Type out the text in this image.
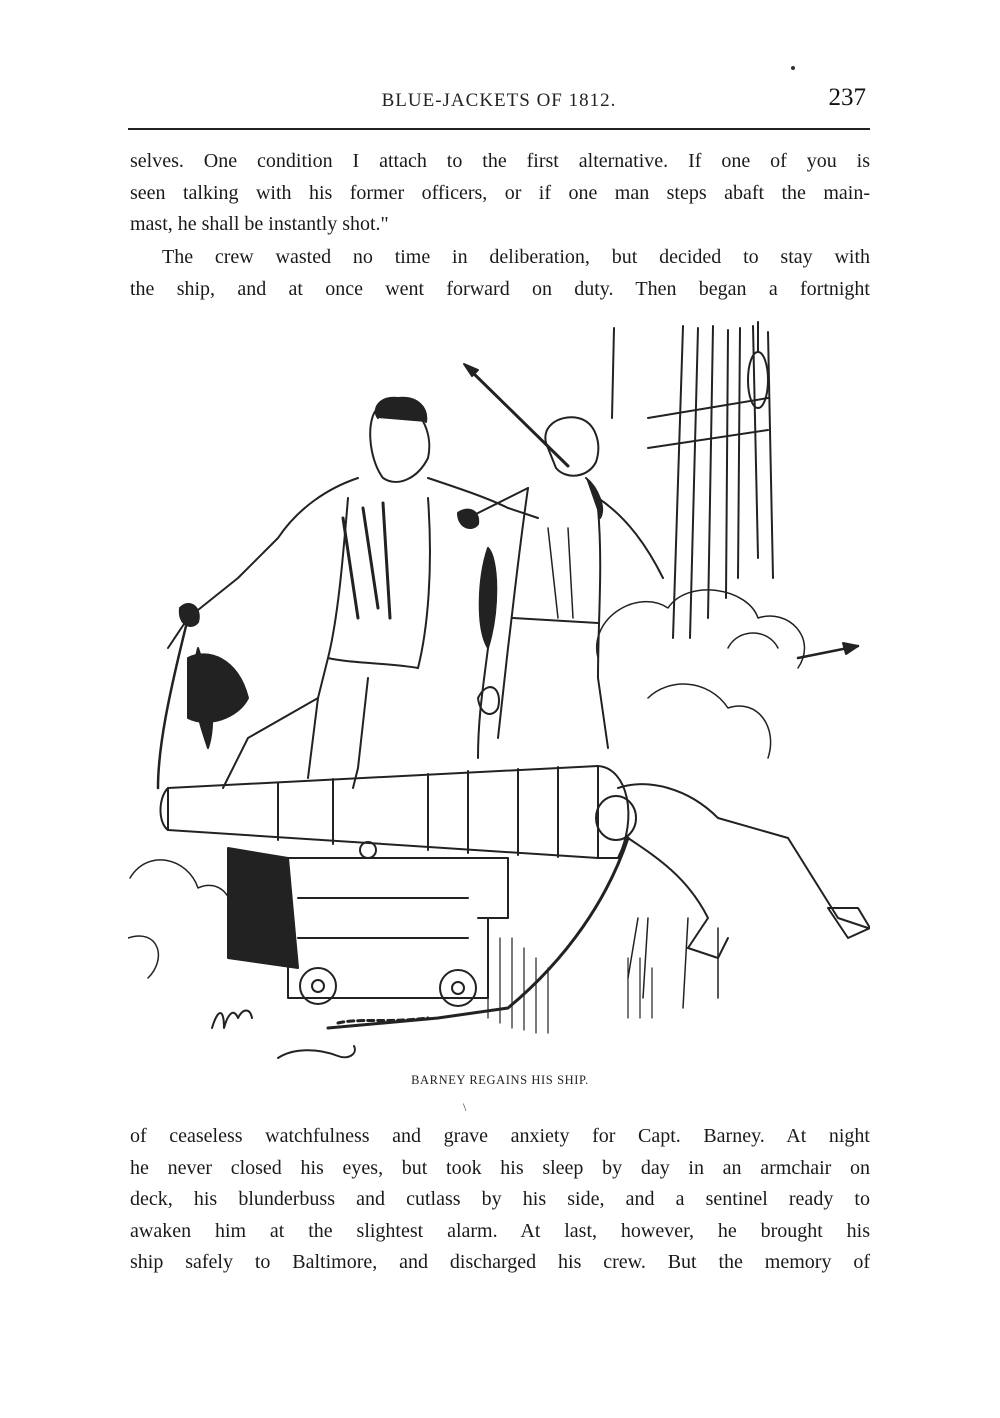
BLUE-JACKETS OF 1812.	237
selves. One condition I attach to the first alternative. If one of you is
seen talking with his former officers, or if one man steps abaft the main-
mast, he shall be instantly shot."
The crew wasted no time in deliberation, but decided to stay with
the ship, and at once went forward on duty. Then began a fortnight
BARNEY REGAINS HIS SHIP.
\
of ceaseless watchfulness and grave anxiety for Capt. Barney. At night
he never closed his eyes, but took his sleep by day in an armchair on
deck, his blunderbuss and cutlass by his side, and a sentinel ready to
awaken him at the slightest alarm. At last, however, he brought his
ship safely to Baltimore, and discharged his crew. But the memory of
